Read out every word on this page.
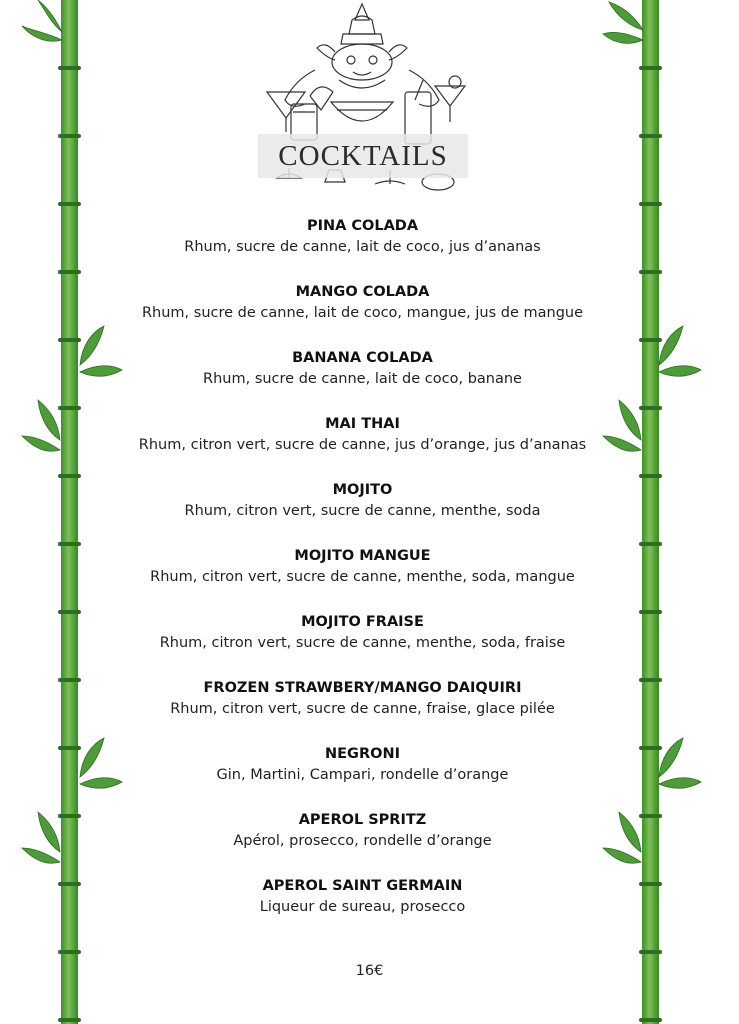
COCKTAILS
PINA COLADA
Rhum, sucre de canne, lait de coco, jus d’ananas
MANGO COLADA
Rhum, sucre de canne, lait de coco, mangue, jus de mangue
BANANA COLADA
Rhum, sucre de canne, lait de coco, banane
MAI THAI
Rhum, citron vert, sucre de canne, jus d’orange, jus d’ananas
MOJITO
Rhum, citron vert, sucre de canne, menthe, soda
MOJITO MANGUE
Rhum, citron vert, sucre de canne, menthe, soda, mangue
MOJITO FRAISE
Rhum, citron vert, sucre de canne, menthe, soda, fraise
FROZEN STRAWBERY/MANGO DAIQUIRI
Rhum, citron vert, sucre de canne, fraise, glace pilée
NEGRONI
Gin, Martini, Campari, rondelle d’orange
APEROL SPRITZ
Apérol, prosecco, rondelle d’orange
APEROL SAINT GERMAIN
Liqueur de sureau, prosecco
16€
